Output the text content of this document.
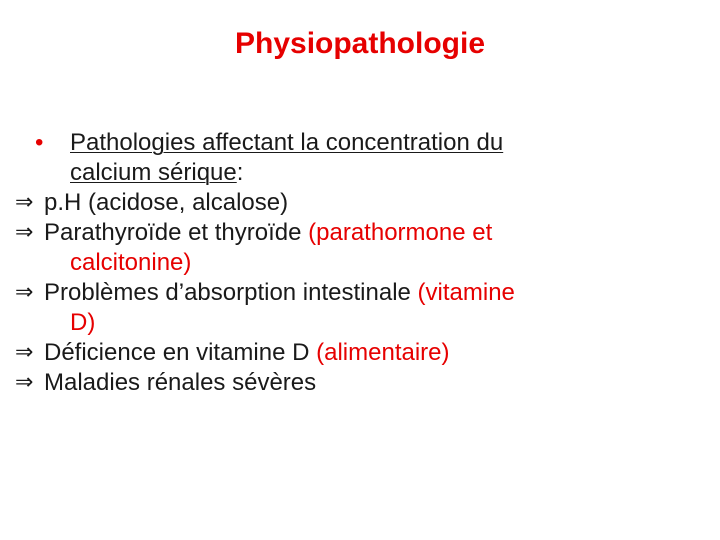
Physiopathologie
•	Pathologies affectant la concentration du
calcium sérique:
⇒ p.H (acidose, alcalose)
⇒ Parathyroïde et thyroïde (parathormone et
calcitonine)
⇒ Problèmes d’absorption intestinale (vitamine
D)
⇒ Déficience en vitamine D (alimentaire)
⇒ Maladies rénales sévères
